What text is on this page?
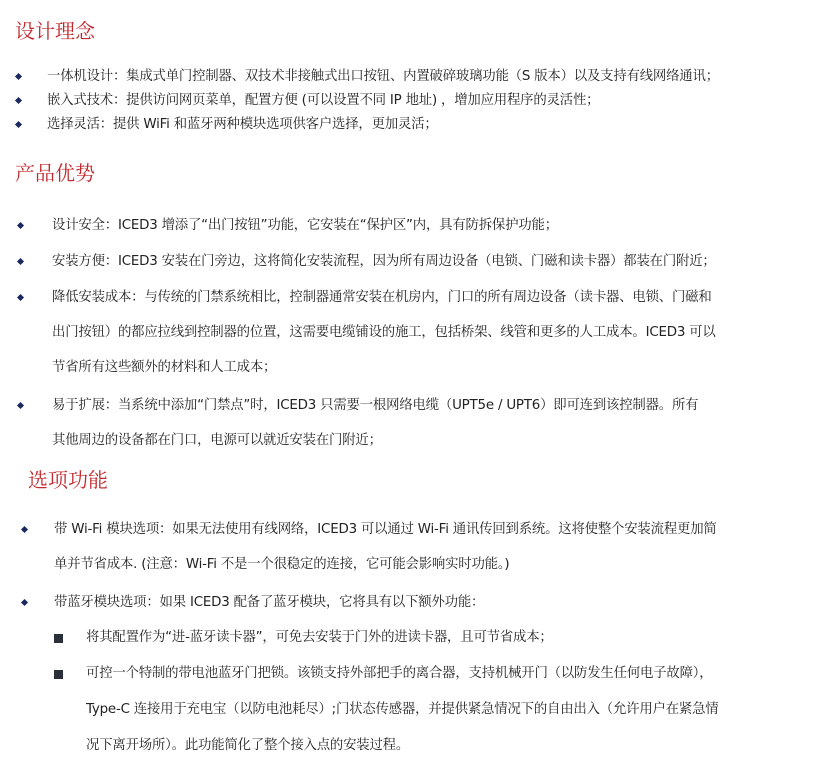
设计理念
一体机设计：集成式单门控制器、双技术非接触式出口按钮、内置破碎玻璃功能（S 版本）以及支持有线网络通讯；
嵌入式技术：提供访问网页菜单，配置方便 (可以设置不同 IP 地址) ，增加应用程序的灵活性；
选择灵活：提供 WiFi 和蓝牙两种模块选项供客户选择，更加灵活；
产品优势
设计安全：ICED3 增添了“出门按钮”功能，它安装在“保护区”内，具有防拆保护功能；
安装方便：ICED3 安装在门旁边，这将简化安装流程，因为所有周边设备（电锁、门磁和读卡器）都装在门附近；
降低安装成本：与传统的门禁系统相比，控制器通常安装在机房内，门口的所有周边设备（读卡器、电锁、门磁和
出门按钮）的都应拉线到控制器的位置，这需要电缆铺设的施工，包括桥架、线管和更多的人工成本。ICED3 可以
节省所有这些额外的材料和人工成本；
易于扩展：当系统中添加“门禁点”时，ICED3 只需要一根网络电缆（UPT5e / UPT6）即可连到该控制器。所有
其他周边的设备都在门口，电源可以就近安装在门附近；
选项功能
带 Wi-Fi 模块选项：如果无法使用有线网络，ICED3 可以通过 Wi-Fi 通讯传回到系统。这将使整个安装流程更加简
单并节省成本. (注意：Wi-Fi 不是一个很稳定的连接，它可能会影响实时功能。)
带蓝牙模块选项：如果 ICED3 配备了蓝牙模块，它将具有以下额外功能：
将其配置作为“进-蓝牙读卡器”，可免去安装于门外的进读卡器，且可节省成本；
可控一个特制的带电池蓝牙门把锁。该锁支持外部把手的离合器，支持机械开门（以防发生任何电子故障），
Type-C 连接用于充电宝（以防电池耗尽）;门状态传感器，并提供紧急情况下的自由出入（允许用户在紧急情
况下离开场所）。此功能简化了整个接入点的安装过程。
